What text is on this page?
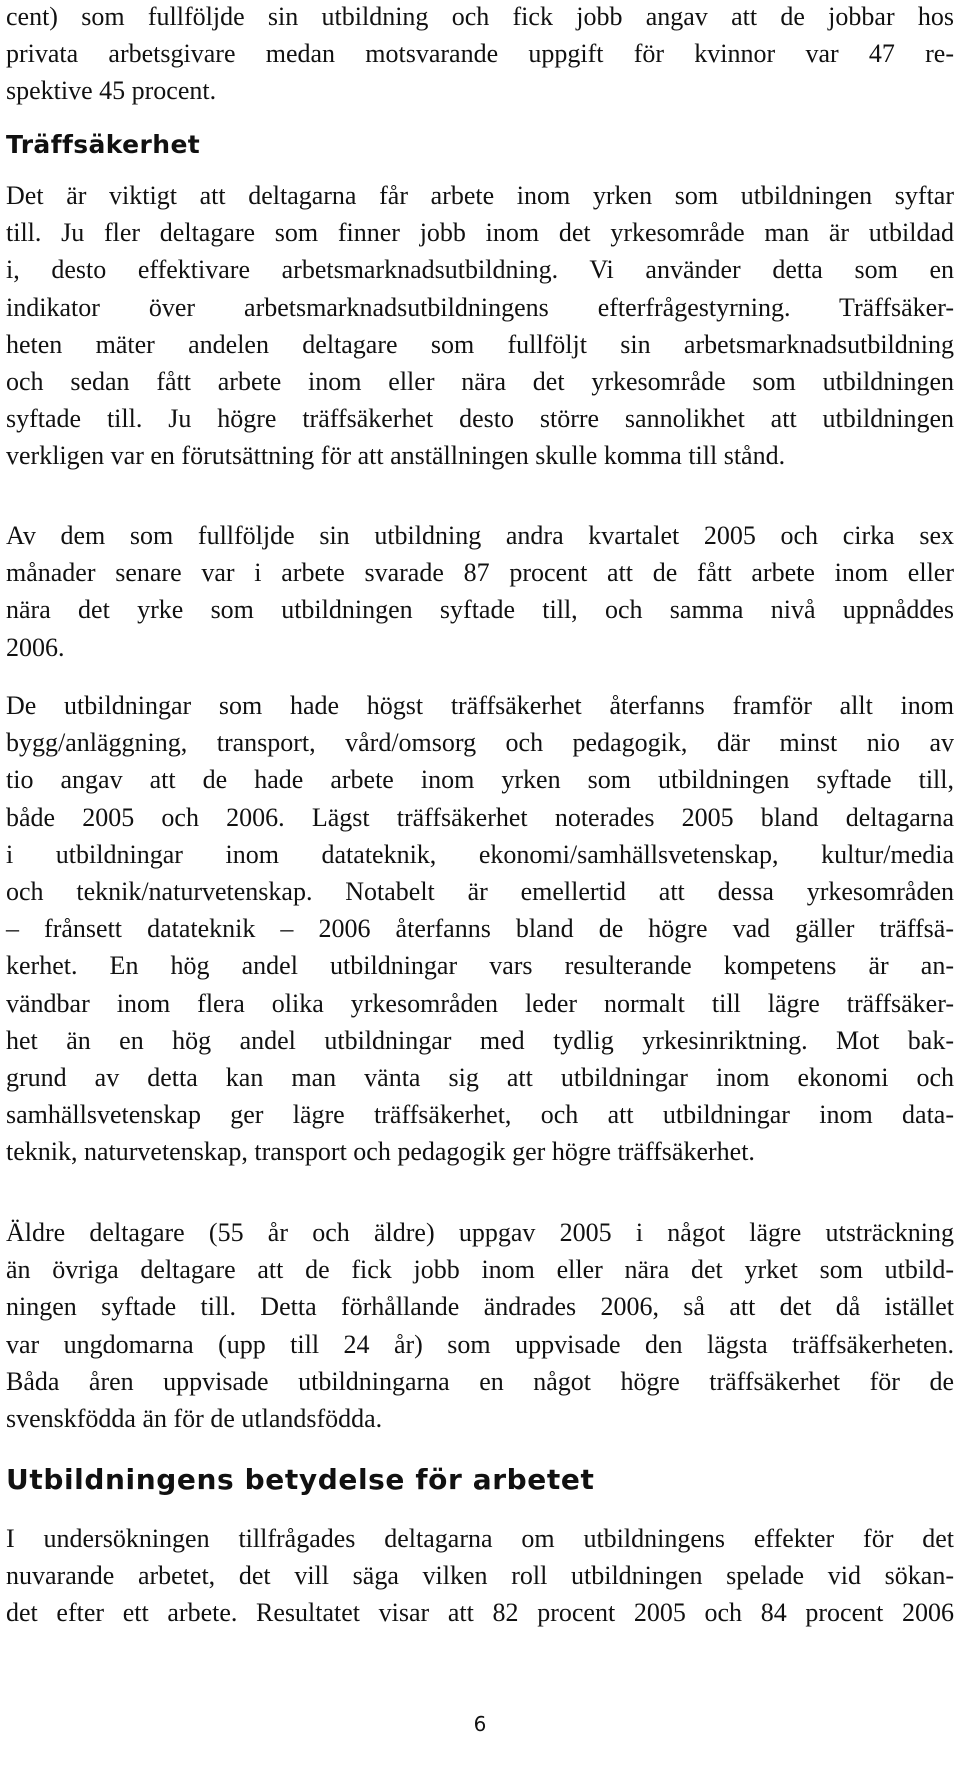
cent) som fullföljde sin utbildning och fick jobb angav att de jobbar hos
privata arbetsgivare medan motsvarande uppgift för kvinnor var 47 re-
spektive 45 procent.

Träffsäkerhet

Det är viktigt att deltagarna får arbete inom yrken som utbildningen syftar
till. Ju fler deltagare som finner jobb inom det yrkesområde man är utbildad
i, desto effektivare arbetsmarknadsutbildning. Vi använder detta som en
indikator över arbetsmarknadsutbildningens efterfrågestyrning. Träffsäker-
heten mäter andelen deltagare som fullföljt sin arbetsmarknadsutbildning
och sedan fått arbete inom eller nära det yrkesområde som utbildningen
syftade till. Ju högre träffsäkerhet desto större sannolikhet att utbildningen
verkligen var en förutsättning för att anställningen skulle komma till stånd.

Av dem som fullföljde sin utbildning andra kvartalet 2005 och cirka sex
månader senare var i arbete svarade 87 procent att de fått arbete inom eller
nära det yrke som utbildningen syftade till, och samma nivå uppnåddes
2006.

De utbildningar som hade högst träffsäkerhet återfanns framför allt inom
bygg/anläggning, transport, vård/omsorg och pedagogik, där minst nio av
tio angav att de hade arbete inom yrken som utbildningen syftade till,
både 2005 och 2006. Lägst träffsäkerhet noterades 2005 bland deltagarna
i utbildningar inom datateknik, ekonomi/samhällsvetenskap, kultur/media
och teknik/naturvetenskap. Notabelt är emellertid att dessa yrkesområden
– frånsett datateknik – 2006 återfanns bland de högre vad gäller träffsä-
kerhet. En hög andel utbildningar vars resulterande kompetens är an-
vändbar inom flera olika yrkesområden leder normalt till lägre träffsäker-
het än en hög andel utbildningar med tydlig yrkesinriktning. Mot bak-
grund av detta kan man vänta sig att utbildningar inom ekonomi och
samhällsvetenskap ger lägre träffsäkerhet, och att utbildningar inom data-
teknik, naturvetenskap, transport och pedagogik ger högre träffsäkerhet.

Äldre deltagare (55 år och äldre) uppgav 2005 i något lägre utsträckning
än övriga deltagare att de fick jobb inom eller nära det yrket som utbild-
ningen syftade till. Detta förhållande ändrades 2006, så att det då istället
var ungdomarna (upp till 24 år) som uppvisade den lägsta träffsäkerheten.
Båda åren uppvisade utbildningarna en något högre träffsäkerhet för de
svenskfödda än för de utlandsfödda.

Utbildningens betydelse för arbetet

I undersökningen tillfrågades deltagarna om utbildningens effekter för det
nuvarande arbetet, det vill säga vilken roll utbildningen spelade vid sökan-
det efter ett arbete. Resultatet visar att 82 procent 2005 och 84 procent 2006

6
